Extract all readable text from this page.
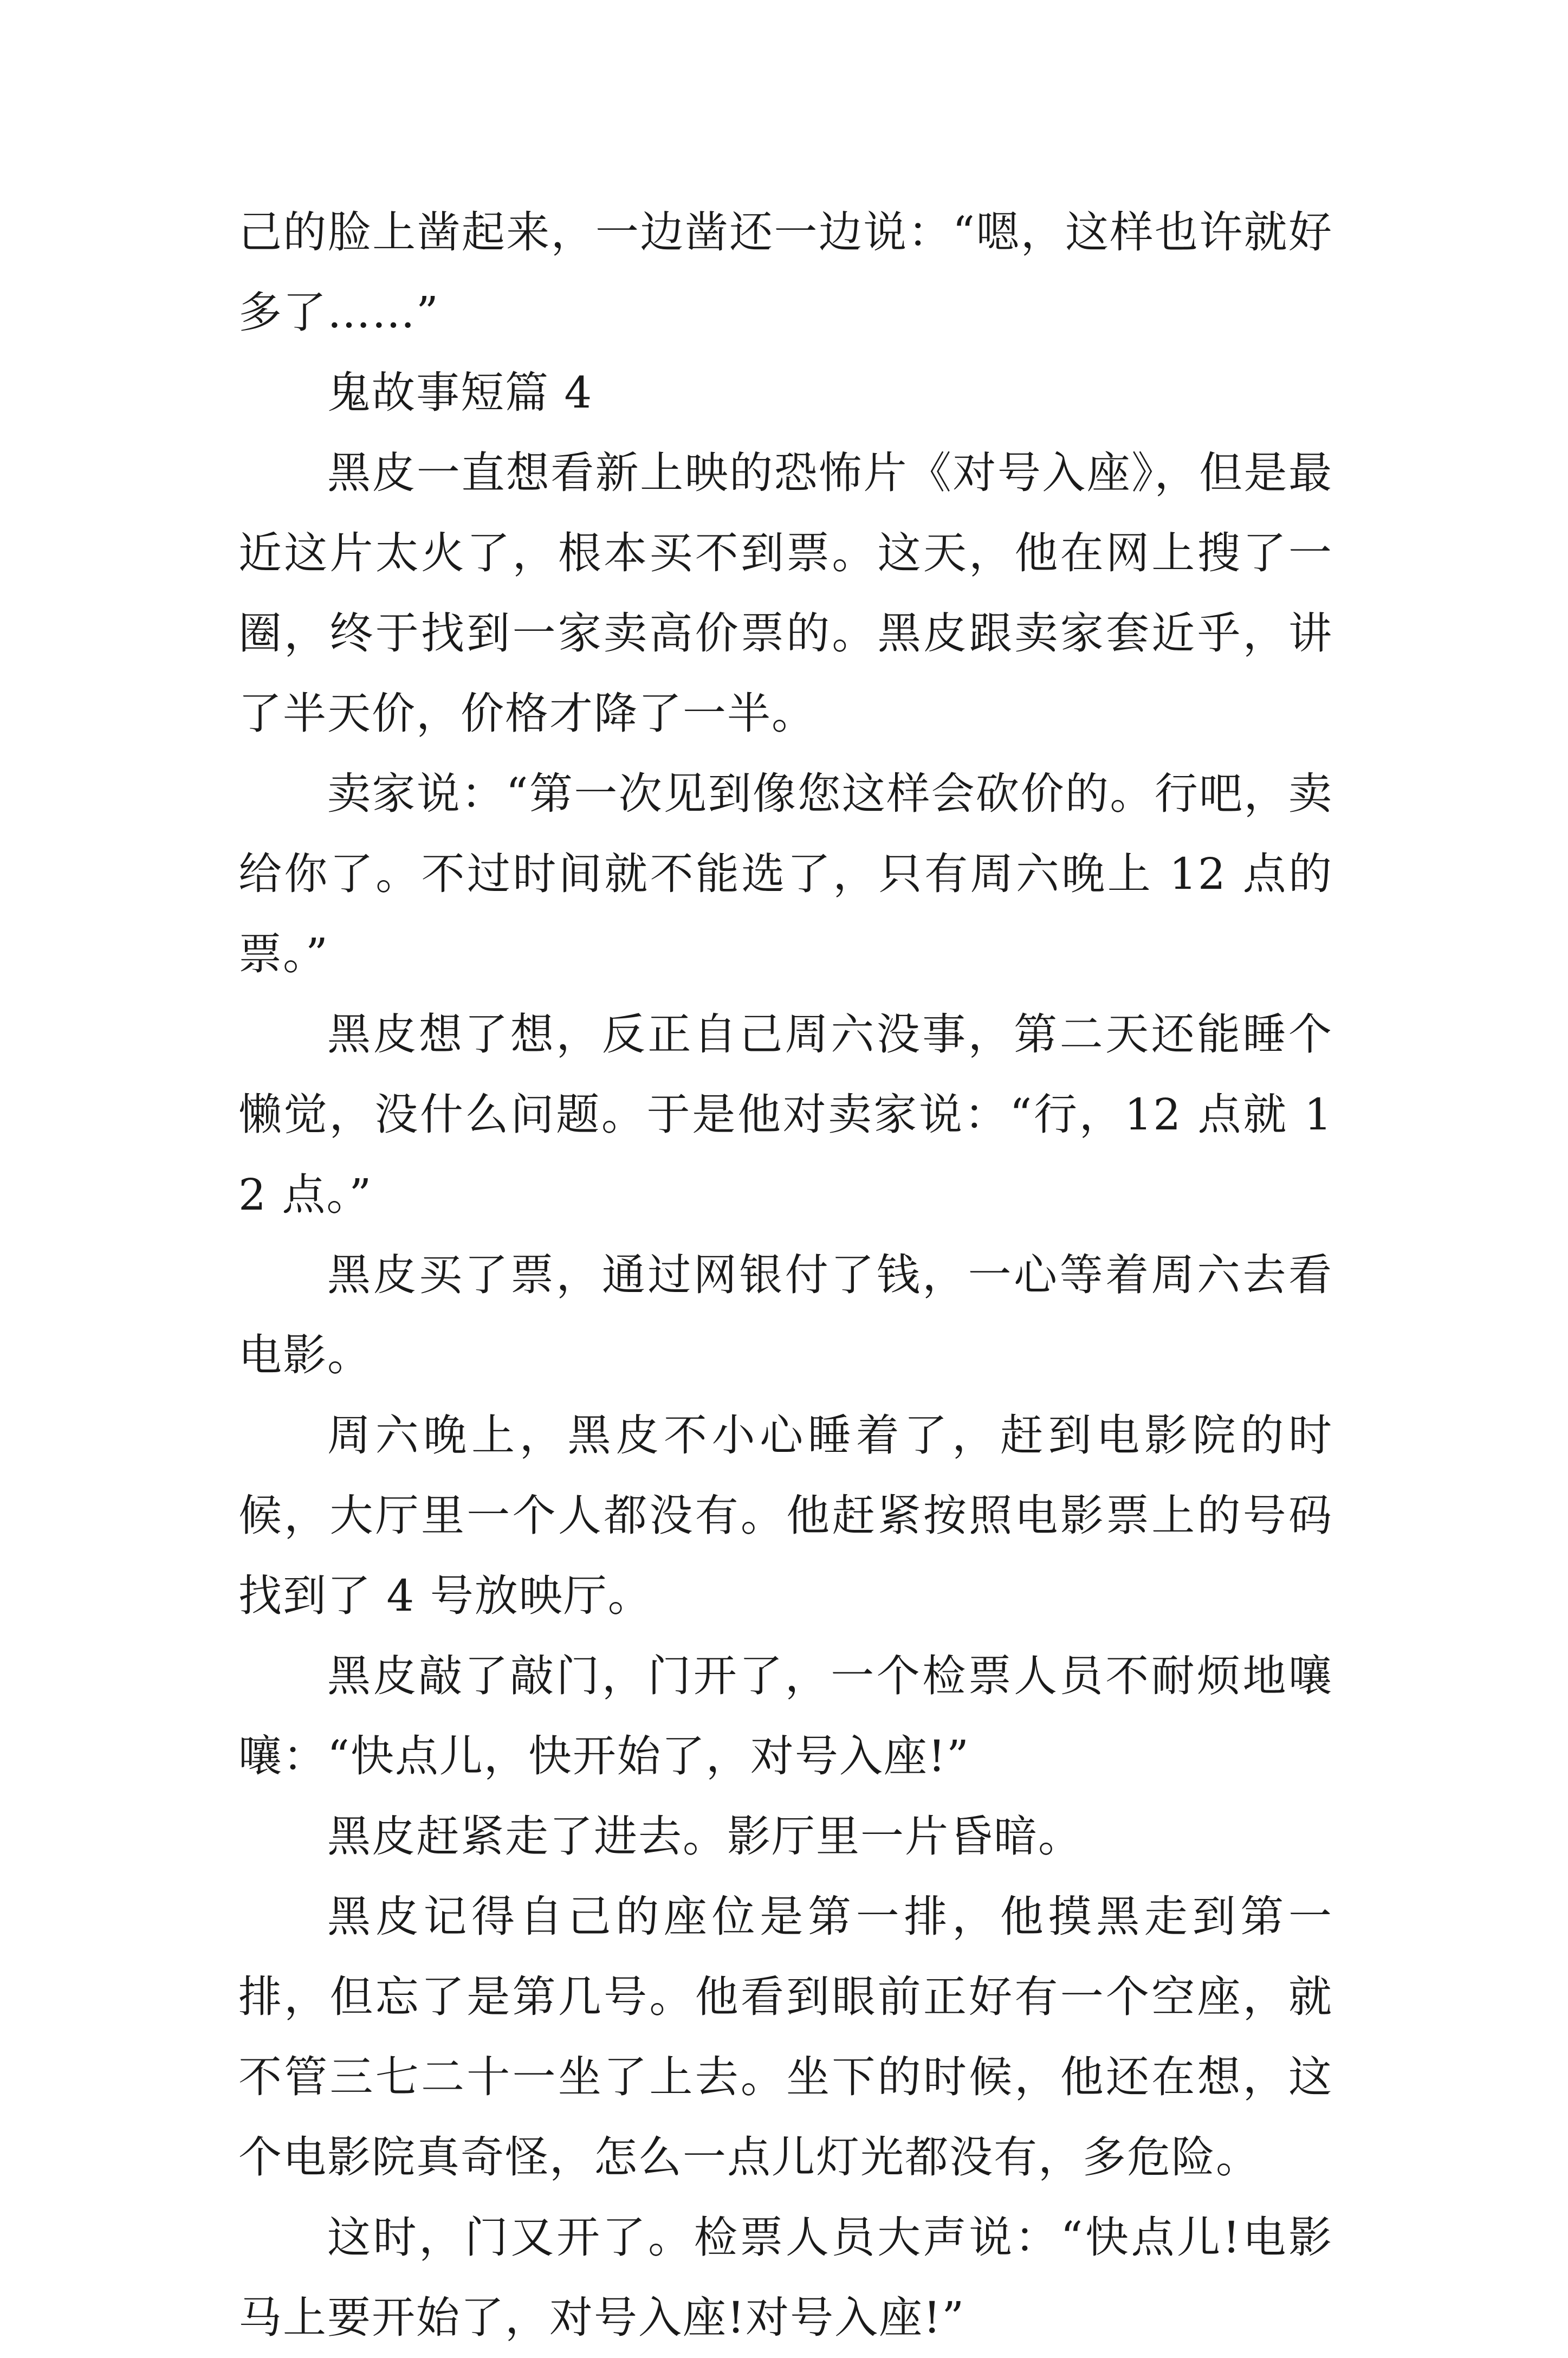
己的脸上凿起来，一边凿还一边说：“嗯，这样也许就好多了……”

鬼故事短篇 4

黑皮一直想看新上映的恐怖片《对号入座》，但是最近这片太火了，根本买不到票。这天，他在网上搜了一圈，终于找到一家卖高价票的。黑皮跟卖家套近乎，讲了半天价，价格才降了一半。

卖家说：“第一次见到像您这样会砍价的。行吧，卖给你了。不过时间就不能选了，只有周六晚上 12 点的票。”

黑皮想了想，反正自己周六没事，第二天还能睡个懒觉，没什么问题。于是他对卖家说：“行，12 点就 12 点。”

黑皮买了票，通过网银付了钱，一心等着周六去看电影。

周六晚上，黑皮不小心睡着了，赶到电影院的时候，大厅里一个人都没有。他赶紧按照电影票上的号码找到了 4 号放映厅。

黑皮敲了敲门，门开了，一个检票人员不耐烦地嚷嚷：“快点儿，快开始了，对号入座!”

黑皮赶紧走了进去。影厅里一片昏暗。

黑皮记得自己的座位是第一排，他摸黑走到第一排，但忘了是第几号。他看到眼前正好有一个空座，就不管三七二十一坐了上去。坐下的时候，他还在想，这个电影院真奇怪，怎么一点儿灯光都没有，多危险。

这时，门又开了。检票人员大声说：“快点儿!电影马上要开始了，对号入座!对号入座!”
